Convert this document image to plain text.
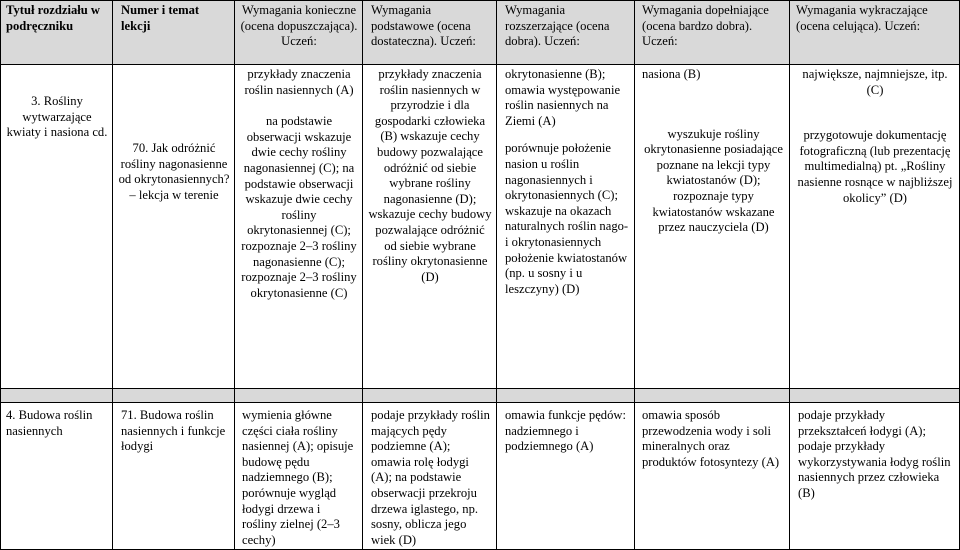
Tytuł rozdziału w podręczniku
Numer i temat lekcji
Wymagania konieczne (ocena dopuszczająca). Uczeń:
Wymagania podstawowe (ocena dostateczna). Uczeń:
Wymagania rozszerzające (ocena dobra). Uczeń:
Wymagania dopełniające (ocena bardzo dobra). Uczeń:
Wymagania wykraczające (ocena celująca). Uczeń:
3. Rośliny wytwarzające kwiaty i nasiona cd.
70. Jak odróżnić rośliny nagonasienne od okrytonasiennych? – lekcja w terenie
przykłady znaczenia roślin nasiennych (A)
na podstawie obserwacji wskazuje dwie cechy rośliny nagonasiennej (C); na podstawie obserwacji wskazuje dwie cechy rośliny okrytonasiennej (C); rozpoznaje 2–3 rośliny nagonasienne (C); rozpoznaje 2–3 rośliny okrytonasienne (C)
przykłady znaczenia roślin nasiennych w przyrodzie i dla gospodarki człowieka (B) wskazuje cechy budowy pozwalające odróżnić od siebie wybrane rośliny nagonasienne (D); wskazuje cechy budowy pozwalające odróżnić od siebie wybrane rośliny okrytonasienne (D)
okrytonasienne (B); omawia występowanie roślin nasiennych na Ziemi (A)
porównuje położenie nasion u roślin nagonasiennych i okrytonasiennych (C); wskazuje na okazach naturalnych roślin nago- i okrytonasiennych położenie kwiatostanów (np. u sosny i u leszczyny) (D)
nasiona (B)
wyszukuje rośliny okrytonasienne posiadające poznane na lekcji typy kwiatostanów (D); rozpoznaje typy kwiatostanów wskazane przez nauczyciela (D)
największe, najmniejsze, itp. (C)
przygotowuje dokumentację fotograficzną (lub prezentację multimedialną) pt. „Rośliny nasienne rosnące w najbliższej okolicy” (D)
4. Budowa roślin nasiennych
71. Budowa roślin nasiennych i funkcje łodygi
wymienia główne części ciała rośliny nasiennej (A); opisuje budowę pędu nadziemnego (B); porównuje wygląd łodygi drzewa i rośliny zielnej (2–3 cechy)
podaje przykłady roślin mających pędy podziemne (A); omawia rolę łodygi (A); na podstawie obserwacji przekroju drzewa iglastego, np. sosny, oblicza jego wiek (D)
omawia funkcje pędów: nadziemnego i podziemnego (A)
omawia sposób przewodzenia wody i soli mineralnych oraz produktów fotosyntezy (A)
podaje przykłady przekształceń łodygi (A); podaje przykłady wykorzystywania łodyg roślin nasiennych przez człowieka (B)
